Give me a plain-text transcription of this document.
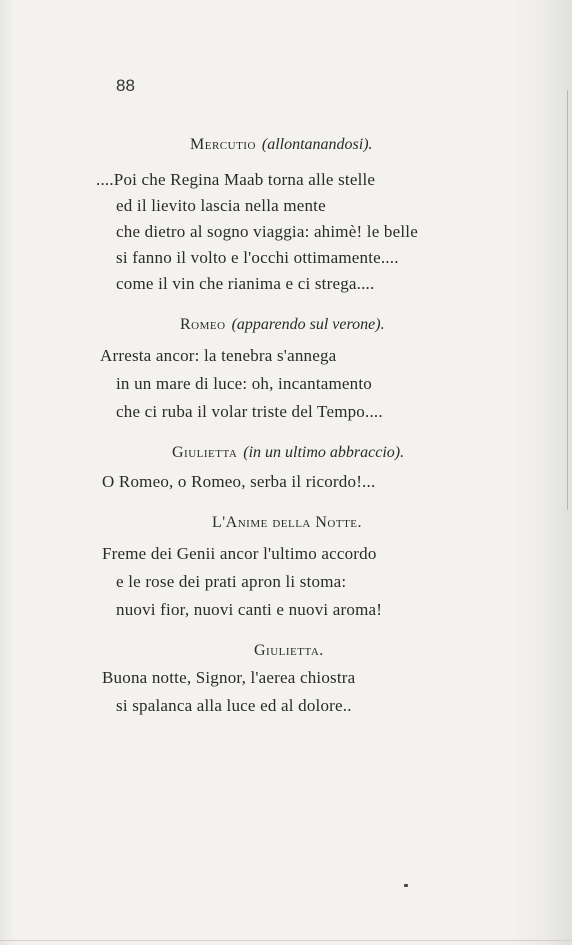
88
Mercutio (allontanandosi).
....Poi che Regina Maab torna alle stelle
ed il lievito lascia nella mente
che dietro al sogno viaggia: ahimè! le belle
si fanno il volto e l'occhi ottimamente....
come il vin che rianima e ci strega....
Romeo (apparendo sul verone).
Arresta ancor: la tenebra s'annega
in un mare di luce: oh, incantamento
che ci ruba il volar triste del Tempo....
Giulietta (in un ultimo abbraccio).
O Romeo, o Romeo, serba il ricordo!...
L'Anime della Notte.
Freme dei Genii ancor l'ultimo accordo
e le rose dei prati apron li stoma:
nuovi fior, nuovi canti e nuovi aroma!
Giulietta.
Buona notte, Signor, l'aerea chiostra
si spalanca alla luce ed al dolore..
